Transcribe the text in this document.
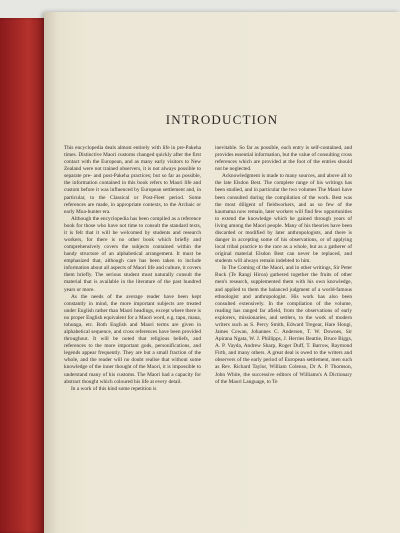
INTRODUCTION

This encyclopedia deals almost entirely with life in pre-Pakeha times. Distinctive Maori customs changed quickly after the first contact with the European, and as many early visitors to New Zealand were not trained observers, it is not always possible to separate pre- and post-Pakeha practices; but so far as possible, the information contained in this book refers to Maori life and custom before it was influenced by European settlement and, in particular, to the Classical or Post-Fleet period. Some references are made, in appropriate contexts, to the Archaic or early Moa-hunter era.

Although the encyclopedia has been compiled as a reference book for those who have not time to consult the standard texts, it is felt that it will be welcomed by students and research workers, for there is no other book which briefly and comprehensively covers the subjects contained within the handy structure of an alphabetical arrangement. It must be emphasized that, although care has been taken to include information about all aspects of Maori life and culture, it covers them briefly. The serious student must naturally consult the material that is available in the literature of the past hundred years or more.

As the needs of the average reader have been kept constantly in mind, the more important subjects are treated under English rather than Maori headings, except where there is no proper English equivalent for a Maori word, e.g. tapu, mana, tohunga, etc. Both English and Maori terms are given in alphabetical sequence, and cross references have been provided throughout. It will be noted that religious beliefs, and references to the more important gods, personifications, and legends appear frequently. They are but a small fraction of the whole, and the reader will no doubt realise that without some knowledge of the inner thought of the Maori, it is impossible to understand many of his customs. The Maori had a capacity for abstract thought which coloured his life at every detail.

In a work of this kind some repetition is

inevitable. So far as possible, each entry is self-contained, and provides essential information, but the value of consulting cross references which are provided at the foot of the entries should not be neglected.

Acknowledgment is made to many sources, and above all to the late Elsdon Best. The complete range of his writings has been studied, and in particular the two volumes The Maori have been consulted during the compilation of the work. Best was the most diligent of fieldworkers, and as so few of the kaumatua now remain, later workers will find few opportunities to extend the knowledge which he gained through years of living among the Maori people. Many of his theories have been discarded or modified by later anthropologists, and there is danger in accepting some of his observations, or of applying local tribal practice to the race as a whole, but as a gatherer of original material Elsdon Best can never be replaced, and students will always remain indebted to him.

In The Coming of the Maori, and in other writings, Sir Peter Buck (Te Rangi Hiroa) gathered together the fruits of other men's research, supplemented them with his own knowledge, and applied to them the balanced judgment of a world-famous ethnologist and anthropologist. His work has also been consulted extensively. In the compilation of the volume, reading has ranged far afield, from the observations of early explorers, missionaries, and settlers, to the work of modern writers such as S. Percy Smith, Edward Tregear, Hare Hongi, James Cowan, Johannes C. Andersen, T. W. Downes, Sir Apirana Ngata, W. J. Phillipps, J. Herries Beattie, Bruce Biggs, A. P. Vayda, Andrew Sharp, Roger Duff, T. Barrow, Raymond Firth, and many others. A great deal is owed to the writers and observers of the early period of European settlement, men such as Rev. Richard Taylor, William Colenso, Dr A. P. Thomson, John White, the successive editors of Williams's A Dictionary of the Maori Language, to Te
